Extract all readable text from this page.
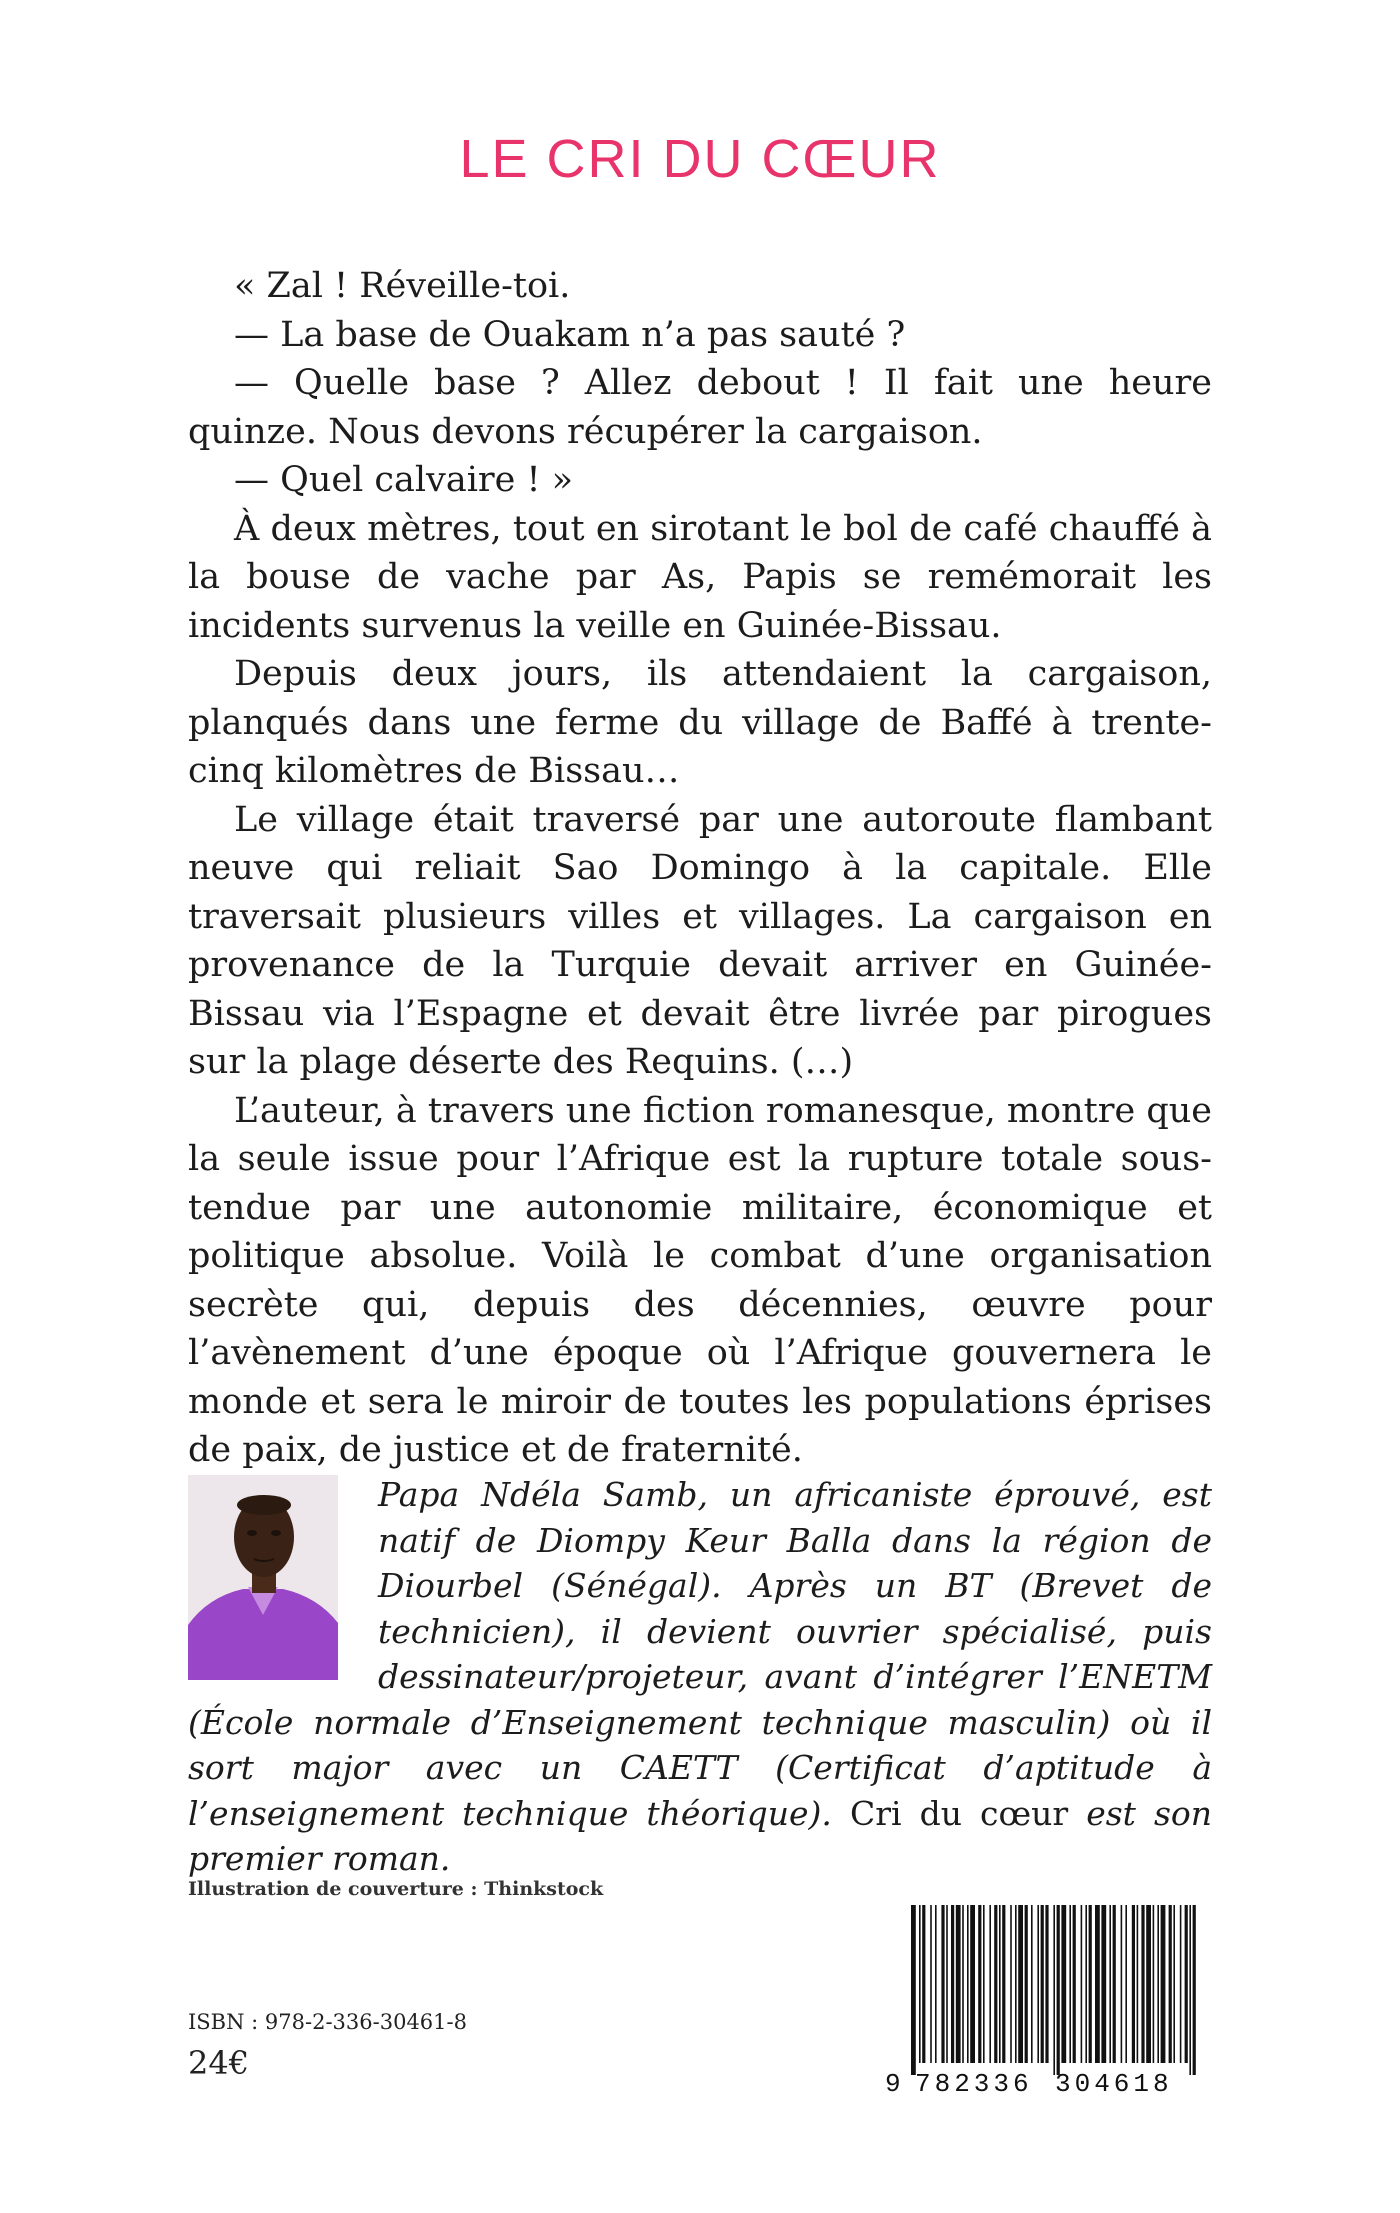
LE CRI DU CŒUR

« Zal ! Réveille-toi.

— La base de Ouakam n’a pas sauté ?

— Quelle base ? Allez debout ! Il fait une heure quinze. Nous devons récupérer la cargaison.

— Quel calvaire ! »

À deux mètres, tout en sirotant le bol de café chauffé à la bouse de vache par As, Papis se remémorait les incidents survenus la veille en Guinée-Bissau.

Depuis deux jours, ils attendaient la cargaison, planqués dans une ferme du village de Baffé à trente-cinq kilomètres de Bissau…

Le village était traversé par une autoroute flambant neuve qui reliait Sao Domingo à la capitale. Elle traversait plusieurs villes et villages. La cargaison en provenance de la Turquie devait arriver en Guinée-Bissau via l’Espagne et devait être livrée par pirogues sur la plage déserte des Requins. (…)

L’auteur, à travers une fiction romanesque, montre que la seule issue pour l’Afrique est la rupture totale sous-tendue par une autonomie militaire, économique et politique absolue. Voilà le combat d’une organisation secrète qui, depuis des décennies, œuvre pour l’avènement d’une époque où l’Afrique gouvernera le monde et sera le miroir de toutes les populations éprises de paix, de justice et de fraternité.

Papa Ndéla Samb, un africaniste éprouvé, est natif de Diompy Keur Balla dans la région de Diourbel (Sénégal). Après un BT (Brevet de technicien), il devient ouvrier spécialisé, puis dessinateur/projeteur, avant d’intégrer l’ENETM (École normale d’Enseignement technique masculin) où il sort major avec un CAETT (Certificat d’aptitude à l’enseignement technique théorique). Cri du cœur est son premier roman.

Illustration de couverture : Thinkstock
ISBN : 978-2-336-30461-8
24€
9 782336 304618
